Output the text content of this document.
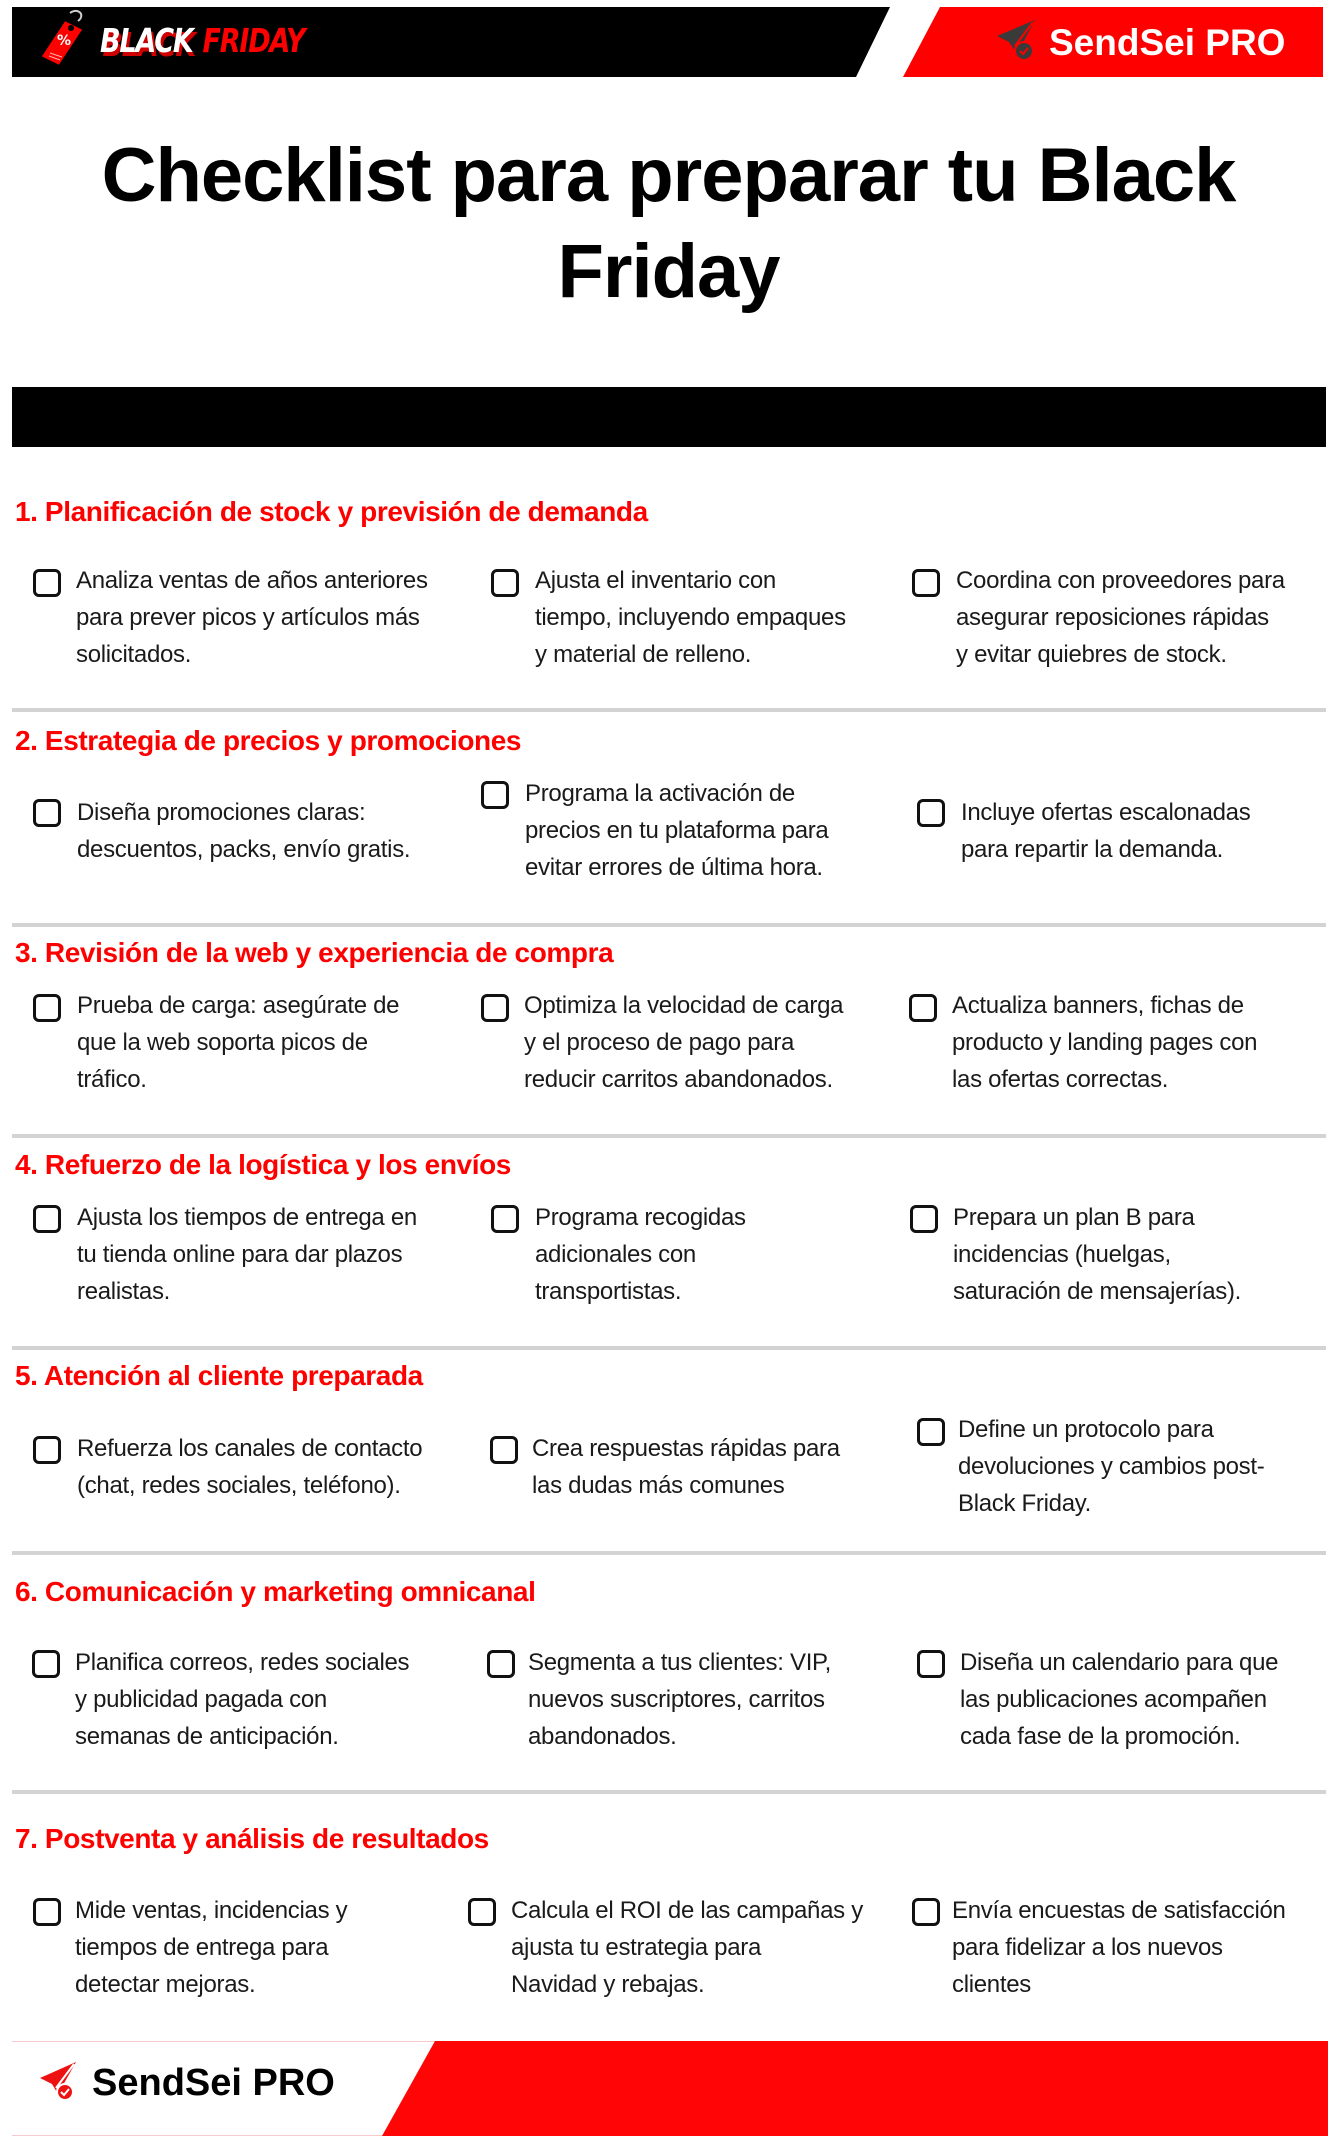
% BLACK FRIDAY	SendSei PRO
Checklist para preparar tu Black
Friday
1. Planificación de stock y previsión de demanda
Analiza ventas de años anteriores
para prever picos y artículos más
solicitados.
Ajusta el inventario con
tiempo, incluyendo empaques
y material de relleno.
Coordina con proveedores para
asegurar reposiciones rápidas
y evitar quiebres de stock.
2. Estrategia de precios y promociones
Diseña promociones claras:
descuentos, packs, envío gratis.
Programa la activación de
precios en tu plataforma para
evitar errores de última hora.
Incluye ofertas escalonadas
para repartir la demanda.
3. Revisión de la web y experiencia de compra
Prueba de carga: asegúrate de
que la web soporta picos de
tráfico.
Optimiza la velocidad de carga
y el proceso de pago para
reducir carritos abandonados.
Actualiza banners, fichas de
producto y landing pages con
las ofertas correctas.
4. Refuerzo de la logística y los envíos
Ajusta los tiempos de entrega en
tu tienda online para dar plazos
realistas.
Programa recogidas
adicionales con
transportistas.
Prepara un plan B para
incidencias (huelgas,
saturación de mensajerías).
5. Atención al cliente preparada
Refuerza los canales de contacto
(chat, redes sociales, teléfono).
Crea respuestas rápidas para
las dudas más comunes
Define un protocolo para
devoluciones y cambios post-
Black Friday.
6. Comunicación y marketing omnicanal
Planifica correos, redes sociales
y publicidad pagada con
semanas de anticipación.
Segmenta a tus clientes: VIP,
nuevos suscriptores, carritos
abandonados.
Diseña un calendario para que
las publicaciones acompañen
cada fase de la promoción.
7. Postventa y análisis de resultados
Mide ventas, incidencias y
tiempos de entrega para
detectar mejoras.
Calcula el ROI de las campañas y
ajusta tu estrategia para
Navidad y rebajas.
Envía encuestas de satisfacción
para fidelizar a los nuevos
clientes
SendSei PRO
